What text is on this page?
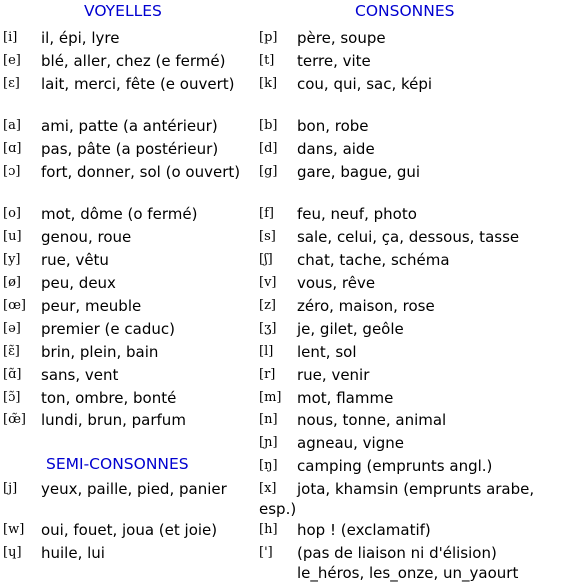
VOYELLES	CONSONNES
SEMI-CONSONNES
[i]	il, épi, lyre
[e]	blé, aller, chez (e fermé)
[ɛ]	lait, merci, fête (e ouvert)
[a]	ami, patte (a antérieur)
[ɑ]	pas, pâte (a postérieur)
[ɔ]	fort, donner, sol (o ouvert)
[o]	mot, dôme (o fermé)
[u]	genou, roue
[y]	rue, vêtu
[ø]	peu, deux
[œ]	peur, meuble
[ə]	premier (e caduc)
[ɛ̃]	brin, plein, bain
[ɑ̃]	sans, vent
[ɔ̃]	ton, ombre, bonté
[œ̃]	lundi, brun, parfum
[j]	yeux, paille, pied, panier
[w]	oui, fouet, joua (et joie)
[ɥ]	huile, lui
[p]	père, soupe
[t]	terre, vite
[k]	cou, qui, sac, képi
[b]	bon, robe
[d]	dans, aide
[g]	gare, bague, gui
[f]	feu, neuf, photo
[s]	sale, celui, ça, dessous, tasse
[ʃ]	chat, tache, schéma
[v]	vous, rêve
[z]	zéro, maison, rose
[ʒ]	je, gilet, geôle
[l]	lent, sol
[r]	rue, venir
[m]	mot, flamme
[n]	nous, tonne, animal
[ɲ]	agneau, vigne
[ŋ]	camping (emprunts angl.)
[x]	jota, khamsin (emprunts arabe, esp.)
[h]	hop ! (exclamatif)
[']	(pas de liaison ni d'élision) le_héros, les_onze, un_yaourt
